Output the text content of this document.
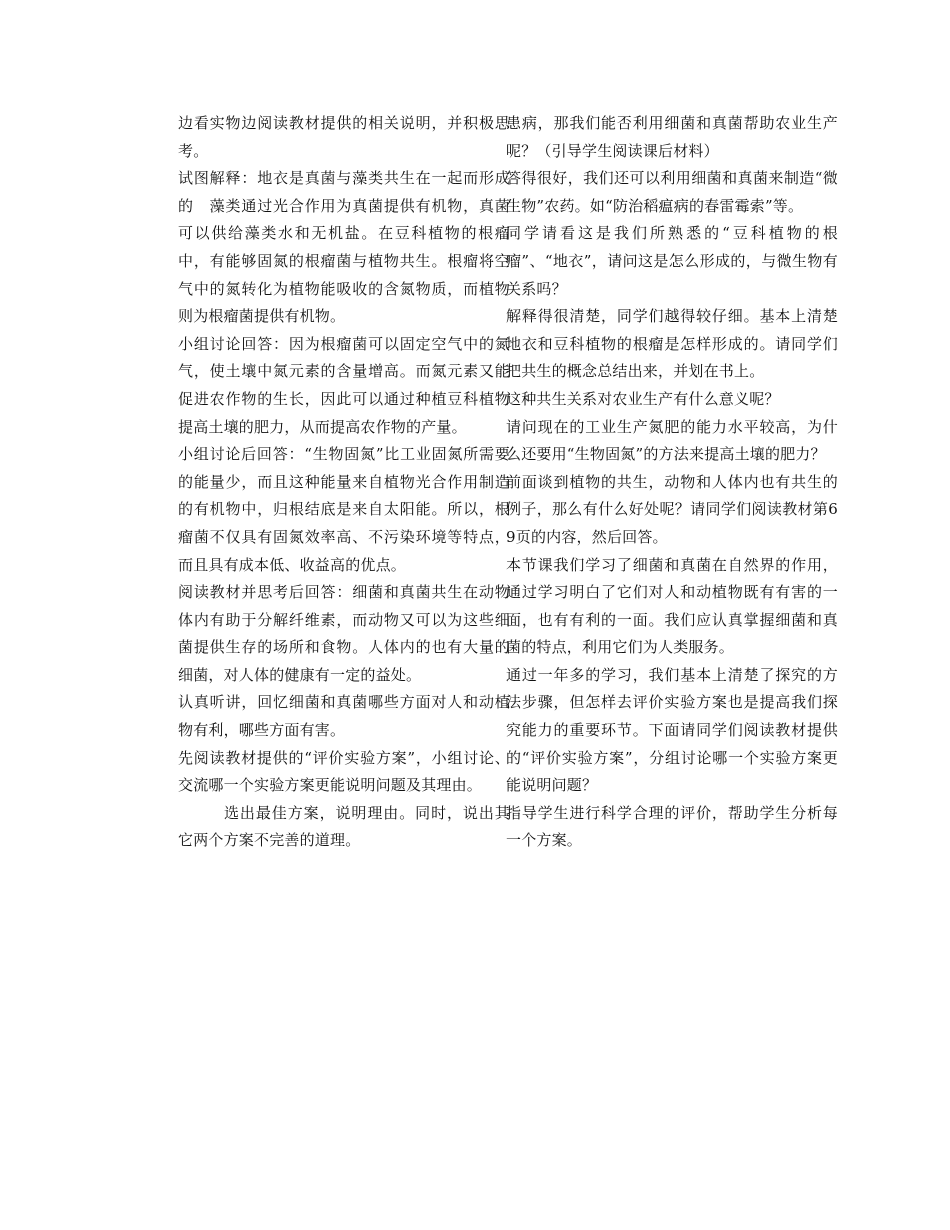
边看实物边阅读教材提供的相关说明，并积极思考。

试图解释：地衣是真菌与藻类共生在一起而形成的　藻类通过光合作用为真菌提供有机物，真菌可以供给藻类水和无机盐。在豆科植物的根瘤中，有能够固氮的根瘤菌与植物共生。根瘤将空气中的氮转化为植物能吸收的含氮物质，而植物则为根瘤菌提供有机物。

小组讨论回答：因为根瘤菌可以固定空气中的氮气，使土壤中氮元素的含量增高。而氮元素又能促进农作物的生长，因此可以通过种植豆科植物提高土壤的肥力，从而提高农作物的产量。

小组讨论后回答：“生物固氮”比工业固氮所需要的能量少，而且这种能量来自植物光合作用制造的有机物中，归根结底是来自太阳能。所以，根瘤菌不仅具有固氮效率高、不污染环境等特点，而且具有成本低、收益高的优点。

阅读教材并思考后回答：细菌和真菌共生在动物体内有助于分解纤维素，而动物又可以为这些细菌提供生存的场所和食物。人体内的也有大量的细菌，对人体的健康有一定的益处。

认真听讲，回忆细菌和真菌哪些方面对人和动植物有利，哪些方面有害。

先阅读教材提供的“评价实验方案”，小组讨论、交流哪一个实验方案更能说明问题及其理由。

选出最佳方案，说明理由。同时，说出其它两个方案不完善的道理。

患病，那我们能否利用细菌和真菌帮助农业生产呢？（引导学生阅读课后材料）

答得很好，我们还可以利用细菌和真菌来制造“微生物”农药。如“防治稻瘟病的春雷霉索”等。

同学请看这是我们所熟悉的“豆科植物的根瘤”、“地衣”，请问这是怎么形成的，与微生物有关系吗？

解释得很清楚，同学们越得较仔细。基本上清楚地衣和豆科植物的根瘤是怎样形成的。请同学们把共生的概念总结出来，并划在书上。

这种共生关系对农业生产有什么意义呢？

请问现在的工业生产氮肥的能力水平较高，为什么还要用“生物固氮”的方法来提高土壤的肥力？

前面谈到植物的共生，动物和人体内也有共生的例子，那么有什么好处呢？请同学们阅读教材第69页的内容，然后回答。

本节课我们学习了细菌和真菌在自然界的作用，通过学习明白了它们对人和动植物既有有害的一面，也有有利的一面。我们应认真掌握细菌和真菌的特点，利用它们为人类服务。

通过一年多的学习，我们基本上清楚了探究的方法步骤，但怎样去评价实验方案也是提高我们探究能力的重要环节。下面请同学们阅读教材提供的“评价实验方案”，分组讨论哪一个实验方案更能说明问题？

指导学生进行科学合理的评价，帮助学生分析每一个方案。
